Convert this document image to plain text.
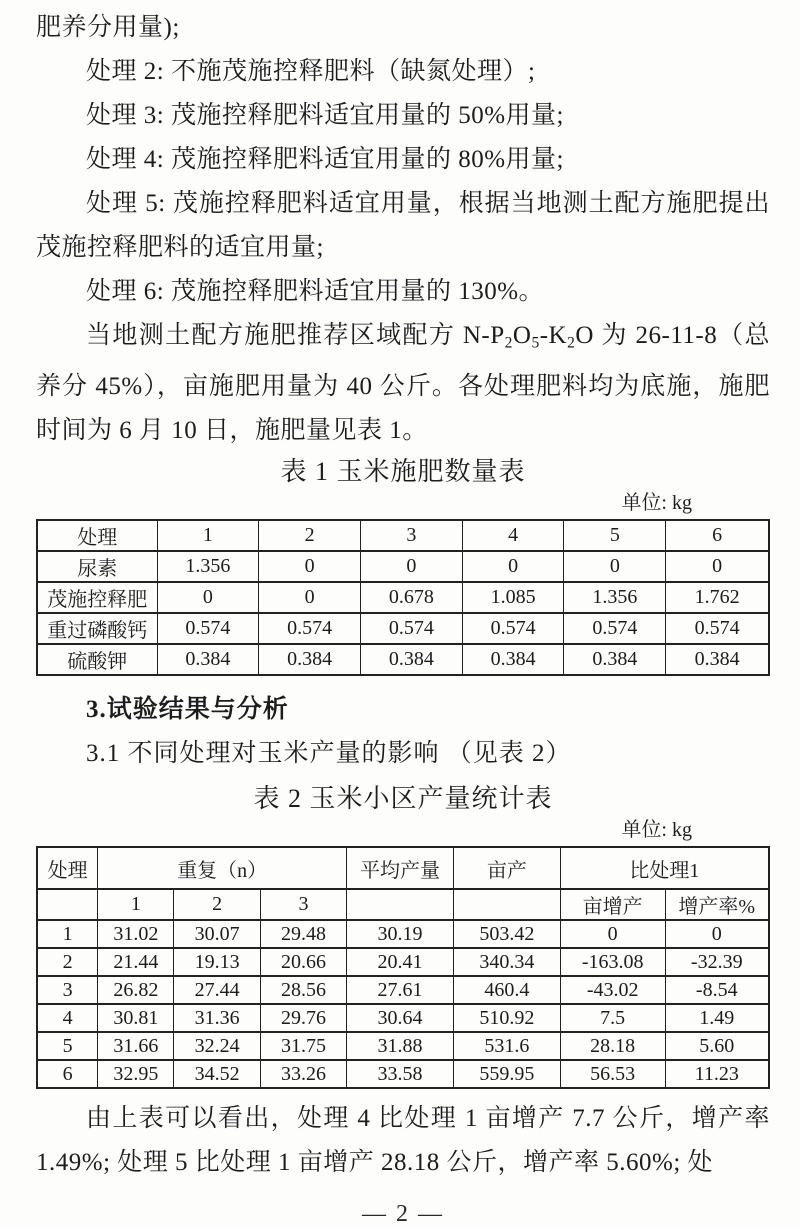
肥养分用量);

处理 2: 不施茂施控释肥料（缺氮处理）;

处理 3: 茂施控释肥料适宜用量的 50%用量;

处理 4: 茂施控释肥料适宜用量的 80%用量;

处理 5: 茂施控释肥料适宜用量，根据当地测土配方施肥提出茂施控释肥料的适宜用量;

处理 6: 茂施控释肥料适宜用量的 130%。

当地测土配方施肥推荐区域配方 $N-P_2O_5-K_2O$ 为 26-11-8（总养分 45%），亩施肥用量为 40 公斤。各处理肥料均为底施，施肥时间为 6 月 10 日，施肥量见表 1。

表 1 玉米施肥数量表
单位: kg
处理	1	2	3	4	5	6
尿素	1.356	0	0	0	0	0
茂施控释肥	0	0	0.678	1.085	1.356	1.762
重过磷酸钙	0.574	0.574	0.574	0.574	0.574	0.574
硫酸钾	0.384	0.384	0.384	0.384	0.384	0.384
3.试验结果与分析
3.1 不同处理对玉米产量的影响 （见表 2）
表 2 玉米小区产量统计表
单位: kg
处理	重复（n）			平均产量	亩产	比处理1	
	1	2	3			亩增产	增产率%
1	31.02	30.07	29.48	30.19	503.42	0	0
2	21.44	19.13	20.66	20.41	340.34	-163.08	-32.39
3	26.82	27.44	28.56	27.61	460.4	-43.02	-8.54
4	30.81	31.36	29.76	30.64	510.92	7.5	1.49
5	31.66	32.24	31.75	31.88	531.6	28.18	5.60
6	32.95	34.52	33.26	33.58	559.95	56.53	11.23

由上表可以看出，处理 4 比处理 1 亩增产 7.7 公斤，增产率 1.49%; 处理 5 比处理 1 亩增产 28.18 公斤，增产率 5.60%; 处

— 2 —
